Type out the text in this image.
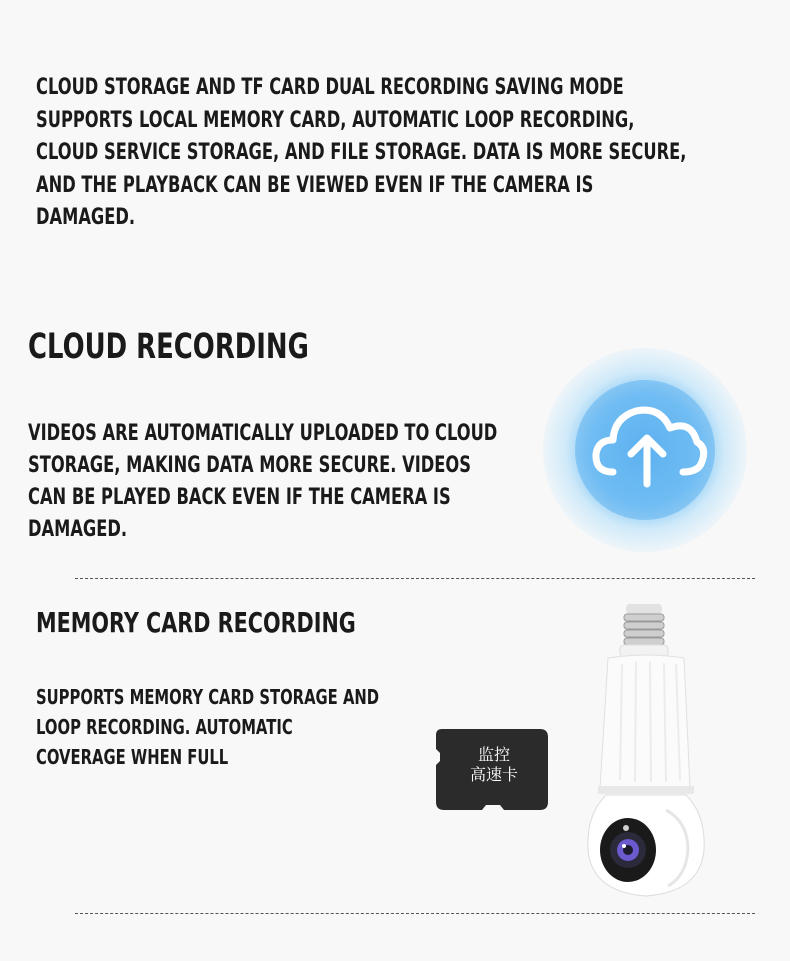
CLOUD STORAGE AND TF CARD DUAL RECORDING SAVING MODE
SUPPORTS LOCAL MEMORY CARD, AUTOMATIC LOOP RECORDING,
CLOUD SERVICE STORAGE, AND FILE STORAGE. DATA IS MORE SECURE,
AND THE PLAYBACK CAN BE VIEWED EVEN IF THE CAMERA IS
DAMAGED.

CLOUD RECORDING

VIDEOS ARE AUTOMATICALLY UPLOADED TO CLOUD
STORAGE, MAKING DATA MORE SECURE. VIDEOS
CAN BE PLAYED BACK EVEN IF THE CAMERA IS
DAMAGED.

MEMORY CARD RECORDING

SUPPORTS MEMORY CARD STORAGE AND
LOOP RECORDING. AUTOMATIC
COVERAGE WHEN FULL	监控
高速卡
